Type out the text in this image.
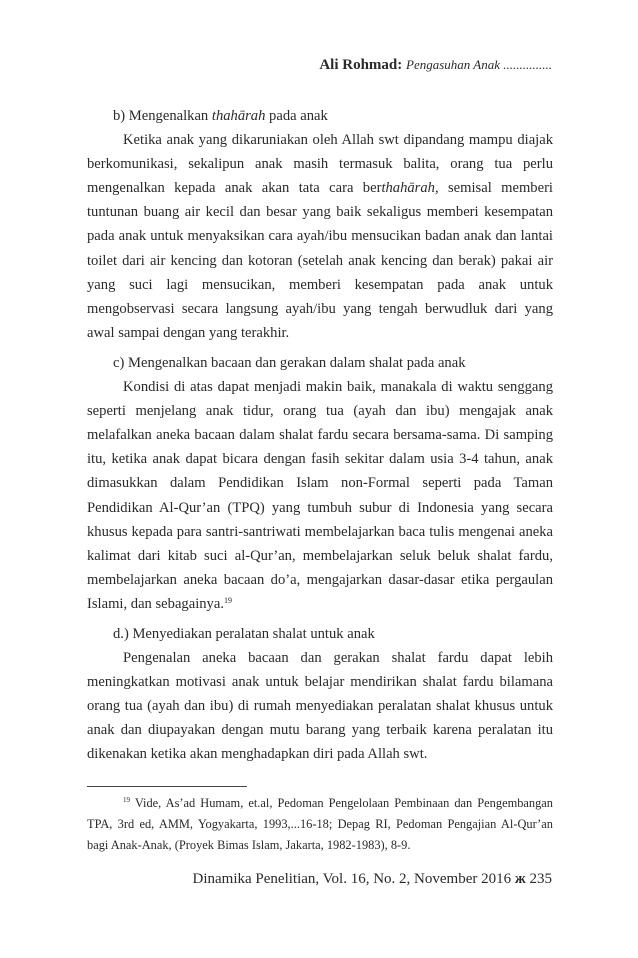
Ali Rohmad: Pengasuhan Anak ...............

b) Mengenalkan thahārah pada anak

Ketika anak yang dikaruniakan oleh Allah swt dipandang mampu diajak berkomunikasi, sekalipun anak masih termasuk balita, orang tua perlu mengenalkan kepada anak akan tata cara berthahārah, semisal memberi tuntunan buang air kecil dan besar yang baik sekaligus memberi kesempatan pada anak untuk menyaksikan cara ayah/ibu mensucikan badan anak dan lantai toilet dari air kencing dan kotoran (setelah anak kencing dan berak) pakai air yang suci lagi mensucikan, memberi kesempatan pada anak untuk mengobservasi secara langsung ayah/ibu yang tengah berwudluk dari yang awal sampai dengan yang terakhir.

c) Mengenalkan bacaan dan gerakan dalam shalat pada anak

Kondisi di atas dapat menjadi makin baik, manakala di waktu senggang seperti menjelang anak tidur, orang tua (ayah dan ibu) mengajak anak melafalkan aneka bacaan dalam shalat fardu secara bersama-sama. Di samping itu, ketika anak dapat bicara dengan fasih sekitar dalam usia 3-4 tahun, anak dimasukkan dalam Pendidikan Islam non-Formal seperti pada Taman Pendidikan Al-Qur’an (TPQ) yang tumbuh subur di Indonesia yang secara khusus kepada para santri-santriwati membelajarkan baca tulis mengenai aneka kalimat dari kitab suci al-Qur’an, membelajarkan seluk beluk shalat fardu, membelajarkan aneka bacaan do’a, mengajarkan dasar-dasar etika pergaulan Islami, dan sebagainya.$^{19}$

d.) Menyediakan peralatan shalat untuk anak

Pengenalan aneka bacaan dan gerakan shalat fardu dapat lebih meningkatkan motivasi anak untuk belajar mendirikan shalat fardu bilamana orang tua (ayah dan ibu) di rumah menyediakan peralatan shalat khusus untuk anak dan diupayakan dengan mutu barang yang terbaik karena peralatan itu dikenakan ketika akan menghadapkan diri pada Allah swt.

$^{19}$ Vide, As’ad Humam, et.al, Pedoman Pengelolaan Pembinaan dan Pengembangan TPA, 3rd ed, AMM, Yogyakarta, 1993,...16-18; Depag RI, Pedoman Pengajian Al-Qur’an bagi Anak-Anak, (Proyek Bimas Islam, Jakarta, 1982-1983), 8-9.

Dinamika Penelitian, Vol. 16, No. 2, November 2016 ж 235
